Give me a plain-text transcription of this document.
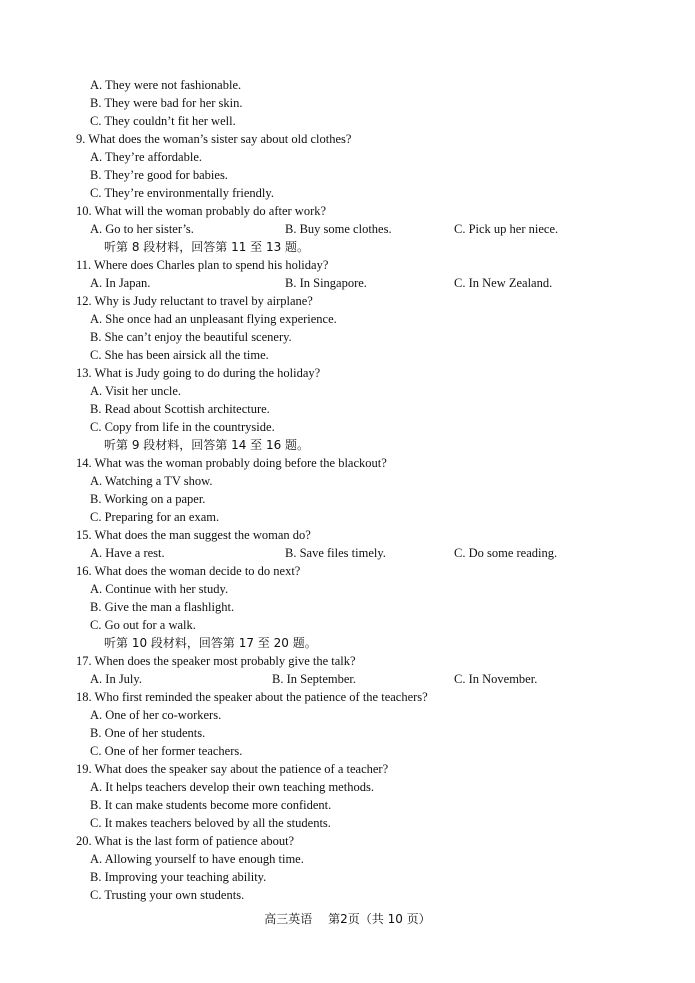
A. They were not fashionable.
B. They were bad for her skin.
C. They couldn’t fit her well.
9. What does the woman’s sister say about old clothes?
A. They’re affordable.
B. They’re good for babies.
C. They’re environmentally friendly.
10. What will the woman probably do after work?
A. Go to her sister’s.	B. Buy some clothes.	C. Pick up her niece.
听第 8 段材料，回答第 11 至 13 题。
11. Where does Charles plan to spend his holiday?
A. In Japan.	B. In Singapore.	C. In New Zealand.
12. Why is Judy reluctant to travel by airplane?
A. She once had an unpleasant flying experience.
B. She can’t enjoy the beautiful scenery.
C. She has been airsick all the time.
13. What is Judy going to do during the holiday?
A. Visit her uncle.
B. Read about Scottish architecture.
C. Copy from life in the countryside.
听第 9 段材料，回答第 14 至 16 题。
14. What was the woman probably doing before the blackout?
A. Watching a TV show.
B. Working on a paper.
C. Preparing for an exam.
15. What does the man suggest the woman do?
A. Have a rest.	B. Save files timely.	C. Do some reading.
16. What does the woman decide to do next?
A. Continue with her study.
B. Give the man a flashlight.
C. Go out for a walk.
听第 10 段材料，回答第 17 至 20 题。
17. When does the speaker most probably give the talk?
A. In July.	B. In September.	C. In November.
18. Who first reminded the speaker about the patience of the teachers?
A. One of her co-workers.
B. One of her students.
C. One of her former teachers.
19. What does the speaker say about the patience of a teacher?
A. It helps teachers develop their own teaching methods.
B. It can make students become more confident.
C. It makes teachers beloved by all the students.
20. What is the last form of patience about?
A. Allowing yourself to have enough time.
B. Improving your teaching ability.
C. Trusting your own students.
高三英语 第2页（共 10 页）
